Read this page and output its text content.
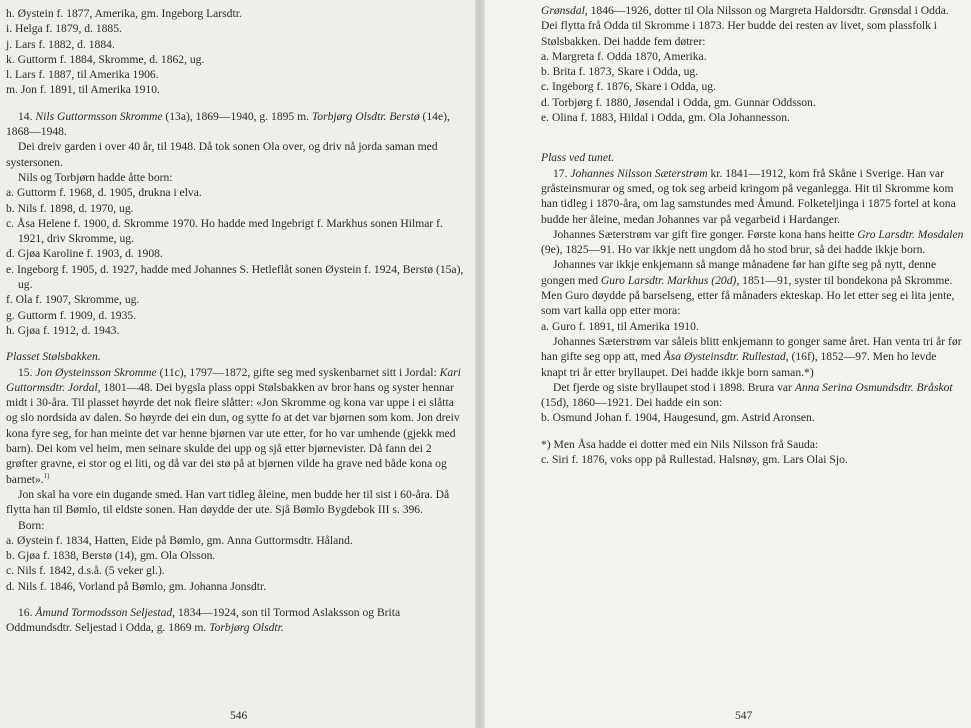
h. Øystein f. 1877, Amerika, gm. Ingeborg Larsdtr.

i. Helga f. 1879, d. 1885.

j. Lars f. 1882, d. 1884.

k. Guttorm f. 1884, Skromme, d. 1862, ug.

l. Lars f. 1887, til Amerika 1906.

m. Jon f. 1891, til Amerika 1910.

14. Nils Guttormsson Skromme (13a), 1869—1940, g. 1895 m. Torbjørg Olsdtr. Berstø (14e), 1868—1948.

Dei dreiv garden i over 40 år, til 1948. Då tok sonen Ola over, og driv nå jorda saman med systersonen.

Nils og Torbjørn hadde åtte born:

a. Guttorm f. 1968, d. 1905, drukna i elva.

b. Nils f. 1898, d. 1970, ug.

c. Åsa Helene f. 1900, d. Skromme 1970. Ho hadde med Ingebrigt f. Markhus sonen Hilmar f. 1921, driv Skromme, ug.

d. Gjøa Karoline f. 1903, d. 1908.

e. Ingeborg f. 1905, d. 1927, hadde med Johannes S. Hetleflåt sonen Øystein f. 1924, Berstø (15a), ug.

f. Ola f. 1907, Skromme, ug.

g. Guttorm f. 1909, d. 1935.

h. Gjøa f. 1912, d. 1943.

Plasset Stølsbakken.

15. Jon Øysteinsson Skromme (11c), 1797—1872, gifte seg med syskenbarnet sitt i Jordal: Kari Guttormsdtr. Jordal, 1801—48. Dei bygsla plass oppi Stølsbakken av bror hans og syster hennar midt i 30-åra. Til plasset høyrde det nok fleire slåtter: «Jon Skromme og kona var uppe i ei slåtta og slo nordsida av dalen. So høyrde dei ein dun, og sytte fo at det var bjørnen som kom. Jon dreiv kona fyre seg, for han meinte det var henne bjørnen var ute etter, for ho var umhende (gjekk med barn). Dei kom vel heim, men seinare skulde dei upp og sjå etter bjørnevister. Då fann dei 2 grøfter gravne, ei stor og ei liti, og då var dei stø på at bjørnen vilde ha grave ned både kona og barnet».$^{1)}$

Jon skal ha vore ein dugande smed. Han vart tidleg åleine, men budde her til sist i 60-åra. Då flytta han til Bømlo, til eldste sonen. Han døydde der ute. Sjå Bømlo Bygdebok III s. 396.

Born:

a. Øystein f. 1834, Hatten, Eide på Bømlo, gm. Anna Guttormsdtr. Håland.

b. Gjøa f. 1838, Berstø (14), gm. Ola Olsson.

c. Nils f. 1842, d.s.å. (5 veker gl.).

d. Nils f. 1846, Vorland på Bømlo, gm. Johanna Jonsdtr.

16. Åmund Tormodsson Seljestad, 1834—1924, son til Tormod Aslaksson og Brita Oddmundsdtr. Seljestad i Odda, g. 1869 m. Torbjørg Olsdtr.

546

Grønsdal, 1846—1926, dotter til Ola Nilsson og Margreta Haldorsdtr. Grønsdal i Odda. Dei flytta frå Odda til Skromme i 1873. Her budde dei resten av livet, som plassfolk i Stølsbakken. Dei hadde fem døtrer:

a. Margreta f. Odda 1870, Amerika.

b. Brita f. 1873, Skare i Odda, ug.

c. Ingeborg f. 1876, Skare i Odda, ug.

d. Torbjørg f. 1880, Jøsendal i Odda, gm. Gunnar Oddsson.

e. Olina f. 1883, Hildal i Odda, gm. Ola Johannesson.

Plass ved tunet.

17. Johannes Nilsson Sæterstrøm kr. 1841—1912, kom frå Skåne i Sverige. Han var gråsteinsmurar og smed, og tok seg arbeid kringom på veganlegga. Hit til Skromme kom han tidleg i 1870-åra, om lag samstundes med Åmund. Folketeljinga i 1875 fortel at kona budde her åleine, medan Johannes var på vegarbeid i Hardanger.

Johannes Sæterstrøm var gift fire gonger. Første kona hans heitte Gro Larsdtr. Mosdalen (9e), 1825—91. Ho var ikkje nett ungdom då ho stod brur, så dei hadde ikkje born.

Johannes var ikkje enkjemann så mange månadene før han gifte seg på nytt, denne gongen med Guro Larsdtr. Markhus (20d), 1851—91, syster til bondekona på Skromme. Men Guro døydde på barselseng, etter få månaders ekteskap. Ho let etter seg ei lita jente, som vart kalla opp etter mora:

a. Guro f. 1891, til Amerika 1910.

Johannes Sæterstrøm var såleis blitt enkjemann to gonger same året. Han venta tri år før han gifte seg opp att, med Åsa Øysteinsdtr. Rullestad, (16f), 1852—97. Men ho levde knapt tri år etter bryllaupet. Dei hadde ikkje born saman.*)

Det fjerde og siste bryllaupet stod i 1898. Brura var Anna Serina Osmundsdtr. Bråskot (15d), 1860—1921. Dei hadde ein son:

b. Osmund Johan f. 1904, Haugesund, gm. Astrid Aronsen.

*) Men Åsa hadde ei dotter med ein Nils Nilsson frå Sauda:

c. Siri f. 1876, voks opp på Rullestad. Halsnøy, gm. Lars Olai Sjo.

547
